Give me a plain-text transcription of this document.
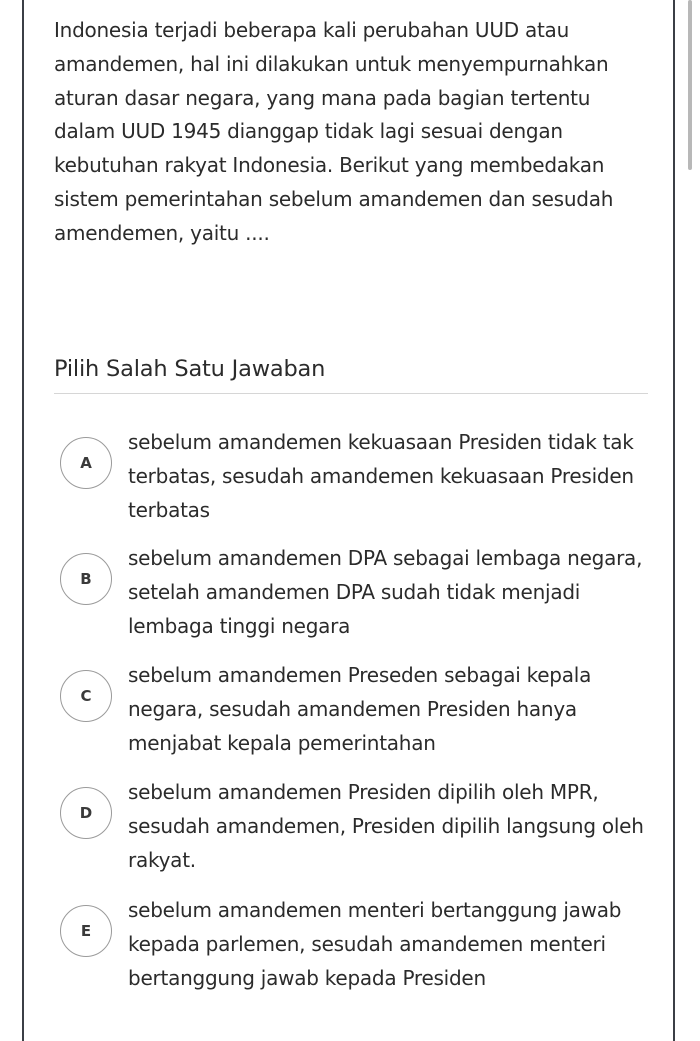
Indonesia terjadi beberapa kali perubahan UUD atau amandemen, hal ini dilakukan untuk menyempurnahkan aturan dasar negara, yang mana pada bagian tertentu dalam UUD 1945 dianggap tidak lagi sesuai dengan kebutuhan rakyat Indonesia. Berikut yang membedakan sistem pemerintahan sebelum amandemen dan sesudah amendemen, yaitu ....

Pilih Salah Satu Jawaban
A
sebelum amandemen kekuasaan Presiden tidak tak terbatas, sesudah amandemen kekuasaan Presiden terbatas
B
sebelum amandemen DPA sebagai lembaga negara, setelah amandemen DPA sudah tidak menjadi lembaga tinggi negara
C
sebelum amandemen Preseden sebagai kepala negara, sesudah amandemen Presiden hanya menjabat kepala pemerintahan
D
sebelum amandemen Presiden dipilih oleh MPR, sesudah amandemen, Presiden dipilih langsung oleh rakyat.
E
sebelum amandemen menteri bertanggung jawab kepada parlemen, sesudah amandemen menteri bertanggung jawab kepada Presiden
